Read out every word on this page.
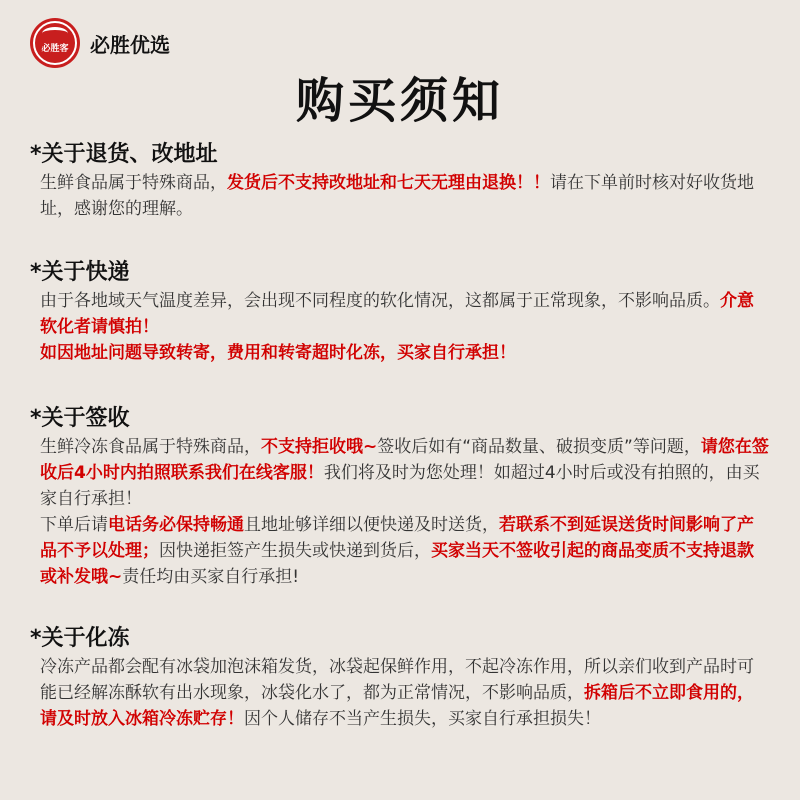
必胜客 必胜优选
购买须知
*关于退货、改地址
生鲜食品属于特殊商品，发货后不支持改地址和七天无理由退换！！请在下单前时核对好收货地址，感谢您的理解。
*关于快递
由于各地域天气温度差异，会出现不同程度的软化情况，这都属于正常现象，不影响品质。介意软化者请慎拍！
如因地址问题导致转寄，费用和转寄超时化冻，买家自行承担！
*关于签收
生鲜冷冻食品属于特殊商品，不支持拒收哦~签收后如有“商品数量、破损变质”等问题，请您在签收后4小时内拍照联系我们在线客服！我们将及时为您处理！如超过4小时后或没有拍照的，由买家自行承担！
下单后请电话务必保持畅通且地址够详细以便快递及时送货，若联系不到延误送货时间影响了产品不予以处理；因快递拒签产生损失或快递到货后，买家当天不签收引起的商品变质不支持退款或补发哦~责任均由买家自行承担!
*关于化冻
冷冻产品都会配有冰袋加泡沫箱发货，冰袋起保鲜作用，不起冷冻作用，所以亲们收到产品时可能已经解冻酥软有出水现象，冰袋化水了，都为正常情况，不影响品质，拆箱后不立即食用的，请及时放入冰箱冷冻贮存！因个人储存不当产生损失，买家自行承担损失！
